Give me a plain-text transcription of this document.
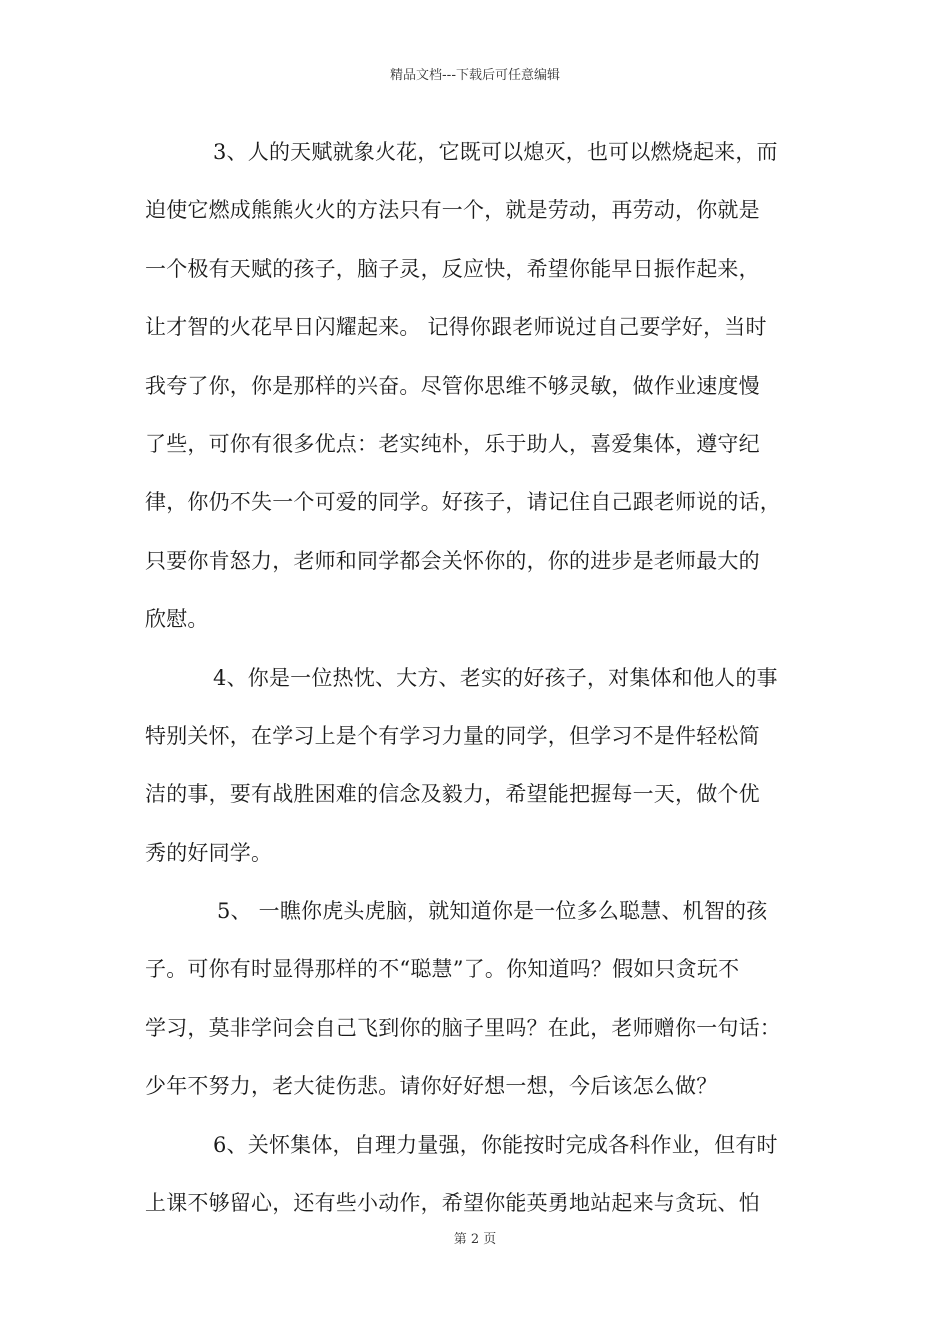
精品文档---下载后可任意编辑
3、人的天赋就象火花，它既可以熄灭，也可以燃烧起来，而
迫使它燃成熊熊火火的方法只有一个，就是劳动，再劳动，你就是
一个极有天赋的孩子，脑子灵，反应快，希望你能早日振作起来，
让才智的火花早日闪耀起来。 记得你跟老师说过自己要学好，当时
我夸了你，你是那样的兴奋。尽管你思维不够灵敏，做作业速度慢
了些，可你有很多优点：老实纯朴，乐于助人，喜爱集体，遵守纪
律，你仍不失一个可爱的同学。好孩子，请记住自己跟老师说的话，
只要你肯怒力，老师和同学都会关怀你的，你的进步是老师最大的
欣慰。
4、你是一位热忱、大方、老实的好孩子，对集体和他人的事
特别关怀，在学习上是个有学习力量的同学，但学习不是件轻松简
洁的事，要有战胜困难的信念及毅力，希望能把握每一天，做个优
秀的好同学。
5、 一瞧你虎头虎脑，就知道你是一位多么聪慧、机智的孩
子。可你有时显得那样的不“聪慧”了。你知道吗？假如只贪玩不
学习，莫非学问会自己飞到你的脑子里吗？在此，老师赠你一句话：
少年不努力，老大徒伤悲。请你好好想一想，今后该怎么做？
6、关怀集体，自理力量强，你能按时完成各科作业，但有时
上课不够留心，还有些小动作，希望你能英勇地站起来与贪玩、怕
第 2 页
